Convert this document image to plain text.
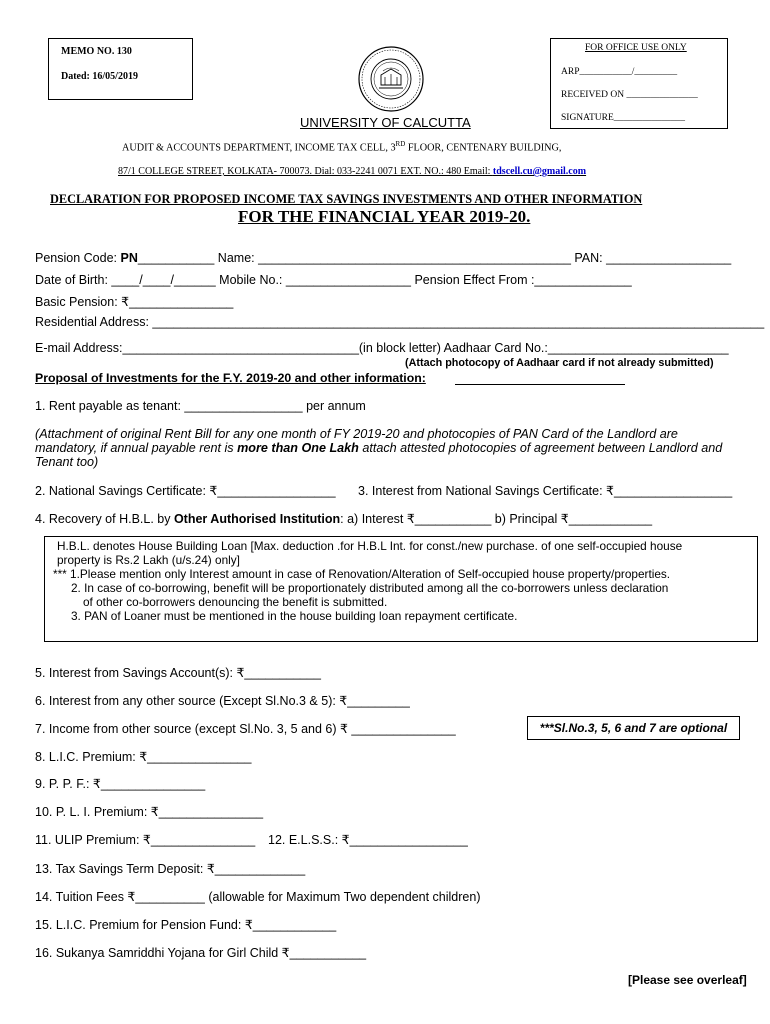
MEMO NO. 130
Dated: 16/05/2019
FOR OFFICE USE ONLY
ARP___________/_________
RECEIVED ON _______________
SIGNATURE_______________
UNIVERSITY OF CALCUTTA
AUDIT & ACCOUNTS DEPARTMENT, INCOME TAX CELL, 3RD FLOOR, CENTENARY BUILDING,
87/1 COLLEGE STREET, KOLKATA- 700073. Dial: 033-2241 0071 EXT. NO.: 480 Email: tdscell.cu@gmail.com
DECLARATION FOR PROPOSED INCOME TAX SAVINGS INVESTMENTS AND OTHER INFORMATION
FOR THE FINANCIAL YEAR 2019-20.
Pension Code: PN___________ Name: _____________________________________________ PAN: __________________
Date of Birth: ____/____/______ Mobile No.: __________________ Pension Effect From :______________
Basic Pension: ₹_______________
Residential Address: ________________________________________________________________________________________
E-mail Address:__________________________________(in block letter) Aadhaar Card No.:__________________________
(Attach photocopy of Aadhaar card if not already submitted)
Proposal of Investments for the F.Y. 2019-20 and other information:
1. Rent payable as tenant: _________________ per annum
(Attachment of original Rent Bill for any one month of FY 2019-20 and photocopies of PAN Card of the Landlord are
mandatory, if annual payable rent is more than One Lakh attach attested photocopies of agreement between Landlord and
Tenant too)
2. National Savings Certificate: ₹_________________ 3. Interest from National Savings Certificate: ₹_________________
4. Recovery of H.B.L. by Other Authorised Institution: a) Interest ₹___________ b) Principal ₹____________
H.B.L. denotes House Building Loan [Max. deduction .for H.B.L Int. for const./new purchase. of one self-occupied house
property is Rs.2 Lakh (u/s.24) only]
*** 1.Please mention only Interest amount in case of Renovation/Alteration of Self-occupied house property/properties.
2. In case of co-borrowing, benefit will be proportionately distributed among all the co-borrowers unless declaration
of other co-borrowers denouncing the benefit is submitted.
3. PAN of Loaner must be mentioned in the house building loan repayment certificate.
5. Interest from Savings Account(s): ₹___________
6. Interest from any other source (Except Sl.No.3 & 5): ₹_________
7. Income from other source (except Sl.No. 3, 5 and 6) ₹ _______________	***Sl.No.3, 5, 6 and 7 are optional
8. L.I.C. Premium: ₹_______________
9. P. P. F.: ₹_______________
10. P. L. I. Premium: ₹_______________
11. ULIP Premium: ₹_______________ 12. E.L.S.S.: ₹_________________
13. Tax Savings Term Deposit: ₹_____________
14. Tuition Fees ₹__________ (allowable for Maximum Two dependent children)
15. L.I.C. Premium for Pension Fund: ₹____________
16. Sukanya Samriddhi Yojana for Girl Child ₹___________
[Please see overleaf]
